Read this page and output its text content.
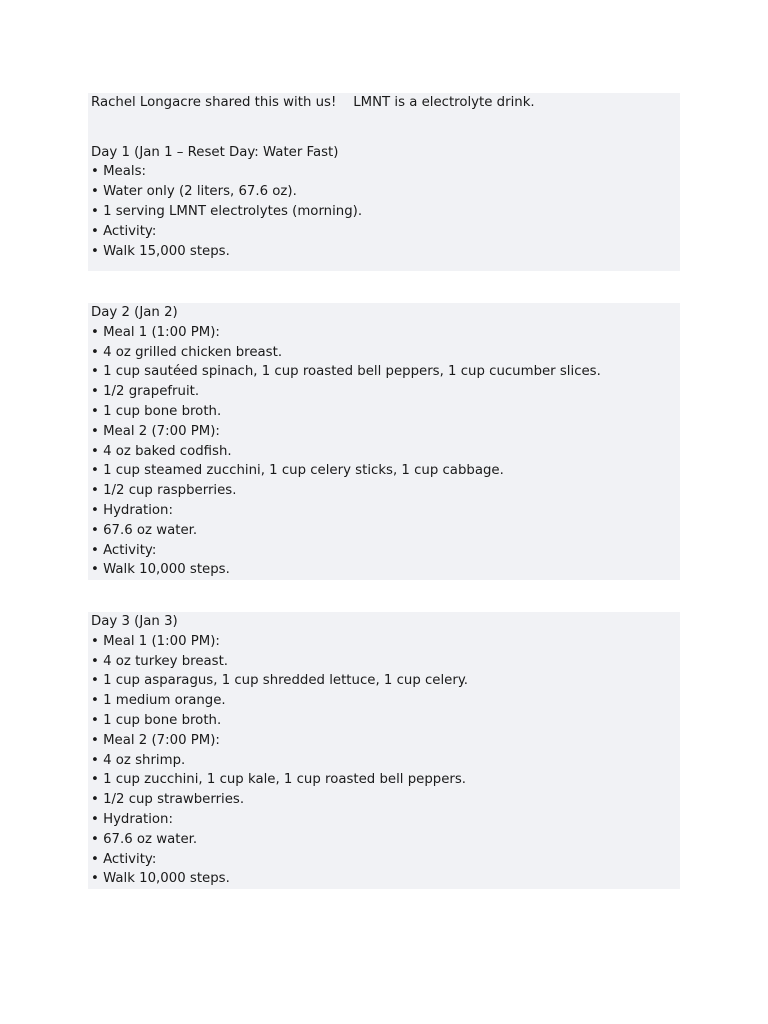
Rachel Longacre shared this with us!    LMNT is a electrolyte drink.
Day 1 (Jan 1 – Reset Day: Water Fast)
• Meals:
• Water only (2 liters, 67.6 oz).
• 1 serving LMNT electrolytes (morning).
• Activity:
• Walk 15,000 steps.
Day 2 (Jan 2)
• Meal 1 (1:00 PM):
• 4 oz grilled chicken breast.
• 1 cup sautéed spinach, 1 cup roasted bell peppers, 1 cup cucumber slices.
• 1/2 grapefruit.
• 1 cup bone broth.
• Meal 2 (7:00 PM):
• 4 oz baked codfish.
• 1 cup steamed zucchini, 1 cup celery sticks, 1 cup cabbage.
• 1/2 cup raspberries.
• Hydration:
• 67.6 oz water.
• Activity:
• Walk 10,000 steps.
Day 3 (Jan 3)
• Meal 1 (1:00 PM):
• 4 oz turkey breast.
• 1 cup asparagus, 1 cup shredded lettuce, 1 cup celery.
• 1 medium orange.
• 1 cup bone broth.
• Meal 2 (7:00 PM):
• 4 oz shrimp.
• 1 cup zucchini, 1 cup kale, 1 cup roasted bell peppers.
• 1/2 cup strawberries.
• Hydration:
• 67.6 oz water.
• Activity:
• Walk 10,000 steps.
